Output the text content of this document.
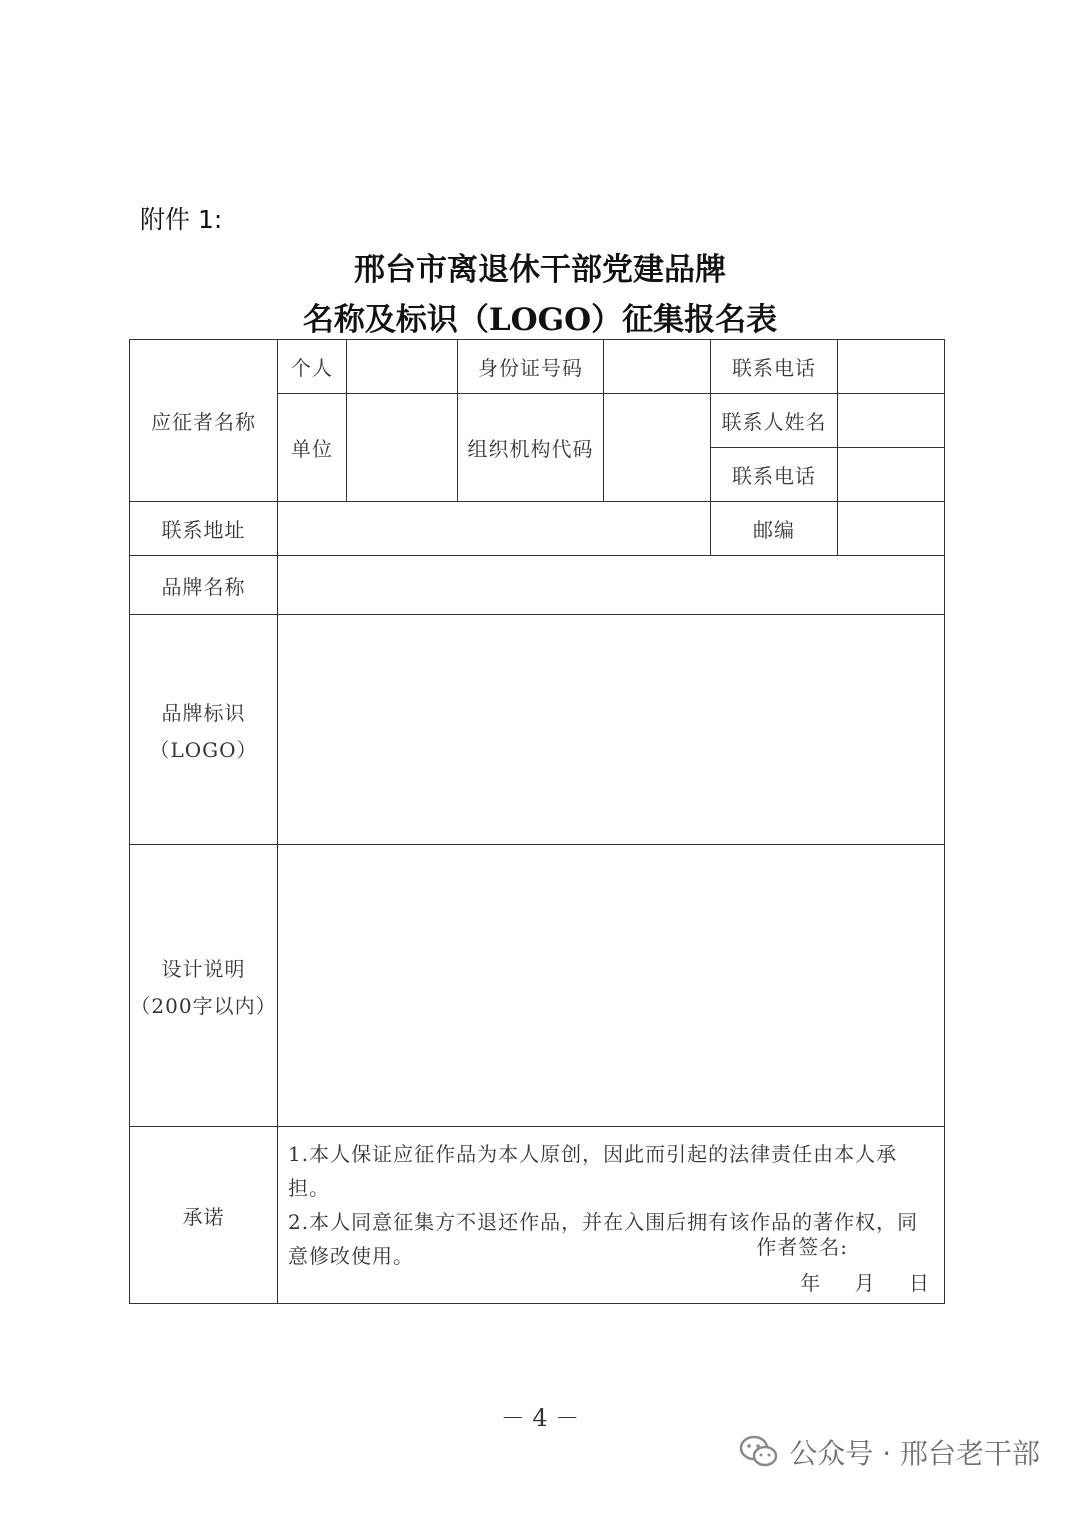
附件 1:
邢台市离退休干部党建品牌
名称及标识（LOGO）征集报名表
应征者名称	个人		身份证号码		联系电话	
	单位		组织机构代码		联系人姓名	
					联系电话	
联系地址					邮编	
品牌名称						

品牌标识
（LOGO）						

设计说明
（200字以内）						

承诺	1.本人保证应征作品为本人原创，因此而引起的法律责任由本人承担。
2.本人同意征集方不退还作品，并在入围后拥有该作品的著作权，同意修改使用。 作者签名:
年 月 日					
－ 4 －
公众号 · 邢台老干部
